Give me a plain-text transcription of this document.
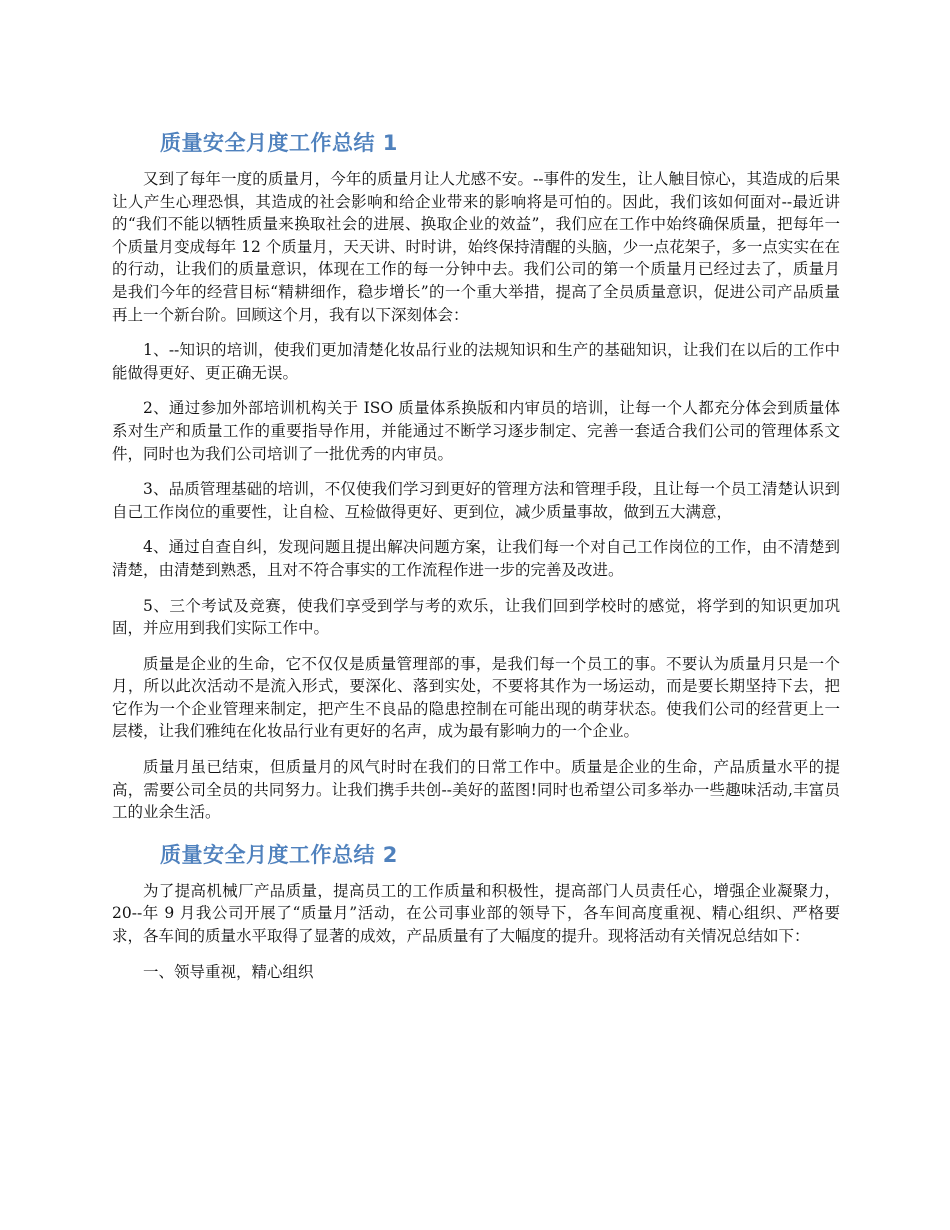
质量安全月度工作总结 1

又到了每年一度的质量月，今年的质量月让人尤感不安。--事件的发生，让人触目惊心，其造成的后果让人产生心理恐惧，其造成的社会影响和给企业带来的影响将是可怕的。因此，我们该如何面对--最近讲的“我们不能以牺牲质量来换取社会的进展、换取企业的效益”，我们应在工作中始终确保质量，把每年一个质量月变成每年 12 个质量月，天天讲、时时讲，始终保持清醒的头脑，少一点花架子，多一点实实在在的行动，让我们的质量意识，体现在工作的每一分钟中去。我们公司的第一个质量月已经过去了，质量月是我们今年的经营目标“精耕细作，稳步增长”的一个重大举措，提高了全员质量意识，促进公司产品质量再上一个新台阶。回顾这个月，我有以下深刻体会：

1、--知识的培训，使我们更加清楚化妆品行业的法规知识和生产的基础知识，让我们在以后的工作中能做得更好、更正确无误。

2、通过参加外部培训机构关于 ISO 质量体系换版和内审员的培训，让每一个人都充分体会到质量体系对生产和质量工作的重要指导作用，并能通过不断学习逐步制定、完善一套适合我们公司的管理体系文件，同时也为我们公司培训了一批优秀的内审员。

3、品质管理基础的培训，不仅使我们学习到更好的管理方法和管理手段，且让每一个员工清楚认识到自己工作岗位的重要性，让自检、互检做得更好、更到位，减少质量事故，做到五大满意，

4、通过自查自纠，发现问题且提出解决问题方案，让我们每一个对自己工作岗位的工作，由不清楚到清楚，由清楚到熟悉，且对不符合事实的工作流程作进一步的完善及改进。

5、三个考试及竞赛，使我们享受到学与考的欢乐，让我们回到学校时的感觉，将学到的知识更加巩固，并应用到我们实际工作中。

质量是企业的生命，它不仅仅是质量管理部的事，是我们每一个员工的事。不要认为质量月只是一个月，所以此次活动不是流入形式，要深化、落到实处，不要将其作为一场运动，而是要长期坚持下去，把它作为一个企业管理来制定，把产生不良品的隐患控制在可能出现的萌芽状态。使我们公司的经营更上一层楼，让我们雅纯在化妆品行业有更好的名声，成为最有影响力的一个企业。

质量月虽已结束，但质量月的风气时时在我们的日常工作中。质量是企业的生命，产品质量水平的提高，需要公司全员的共同努力。让我们携手共创--美好的蓝图!同时也希望公司多举办一些趣味活动,丰富员工的业余生活。

质量安全月度工作总结 2

为了提高机械厂产品质量，提高员工的工作质量和积极性，提高部门人员责任心，增强企业凝聚力，20--年 9 月我公司开展了“质量月”活动，在公司事业部的领导下，各车间高度重视、精心组织、严格要求，各车间的质量水平取得了显著的成效，产品质量有了大幅度的提升。现将活动有关情况总结如下：

一、领导重视，精心组织
